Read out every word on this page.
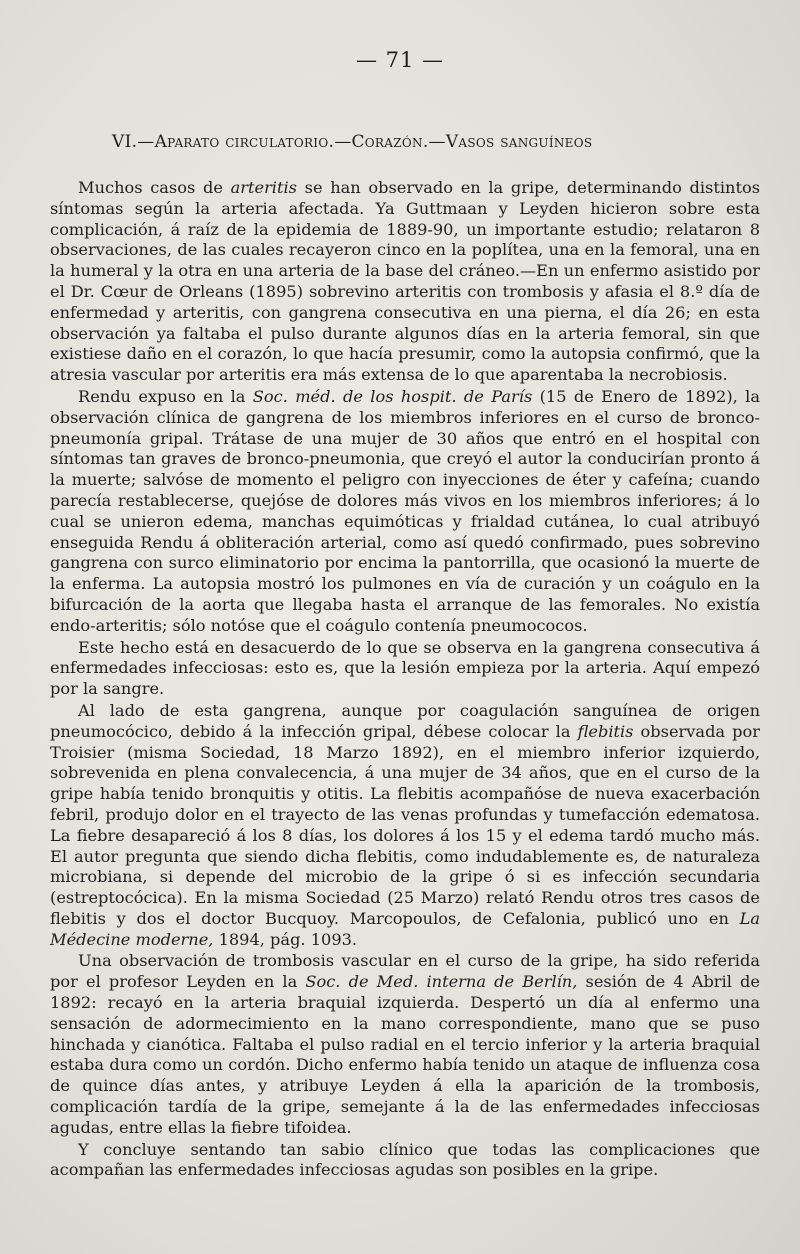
— 71 —
VI.—Aparato circulatorio.—Corazón.—Vasos sanguíneos

Muchos casos de arteritis se han observado en la gripe, determinando distintos síntomas según la arteria afectada. Ya Guttmaan y Leyden hicieron sobre esta complicación, á raíz de la epidemia de 1889-90, un importante estudio; relataron 8 observaciones, de las cuales recayeron cinco en la poplítea, una en la femoral, una en la humeral y la otra en una arteria de la base del cráneo.—En un enfermo asistido por el Dr. Cœur de Orleans (1895) sobrevino arteritis con trombosis y afasia el 8.º día de enfermedad y arteritis, con gangrena consecutiva en una pierna, el día 26; en esta observación ya faltaba el pulso durante algunos días en la arteria femoral, sin que existiese daño en el corazón, lo que hacía presumir, como la autopsia confirmó, que la atresia vascular por arteritis era más extensa de lo que aparentaba la necrobiosis.

Rendu expuso en la Soc. méd. de los hospit. de París (15 de Enero de 1892), la observación clínica de gangrena de los miembros inferiores en el curso de bronco-pneumonía gripal. Trátase de una mujer de 30 años que entró en el hospital con síntomas tan graves de bronco-pneumonia, que creyó el autor la conducirían pronto á la muerte; salvóse de momento el peligro con inyecciones de éter y cafeína; cuando parecía restablecerse, quejóse de dolores más vivos en los miembros inferiores; á lo cual se unieron edema, manchas equimóticas y frialdad cutánea, lo cual atribuyó enseguida Rendu á obliteración arterial, como así quedó confirmado, pues sobrevino gangrena con surco eliminatorio por encima la pantorrilla, que ocasionó la muerte de la enferma. La autopsia mostró los pulmones en vía de curación y un coágulo en la bifurcación de la aorta que llegaba hasta el arranque de las femorales. No existía endo-arteritis; sólo notóse que el coágulo contenía pneumococos.

Este hecho está en desacuerdo de lo que se observa en la gangrena consecutiva á enfermedades infecciosas: esto es, que la lesión empieza por la arteria. Aquí empezó por la sangre.

Al lado de esta gangrena, aunque por coagulación sanguínea de origen pneumocócico, debido á la infección gripal, débese colocar la flebitis observada por Troisier (misma Sociedad, 18 Marzo 1892), en el miembro inferior izquierdo, sobrevenida en plena convalecencia, á una mujer de 34 años, que en el curso de la gripe había tenido bronquitis y otitis. La flebitis acompañóse de nueva exacerbación febril, produjo dolor en el trayecto de las venas profundas y tumefacción edematosa. La fiebre desapareció á los 8 días, los dolores á los 15 y el edema tardó mucho más. El autor pregunta que siendo dicha flebitis, como indudablemente es, de naturaleza microbiana, si depende del microbio de la gripe ó si es infección secundaria (estreptocócica). En la misma Sociedad (25 Marzo) relató Rendu otros tres casos de flebitis y dos el doctor Bucquoy. Marcopoulos, de Cefalonia, publicó uno en La Médecine moderne, 1894, pág. 1093.

Una observación de trombosis vascular en el curso de la gripe, ha sido referida por el profesor Leyden en la Soc. de Med. interna de Berlín, sesión de 4 Abril de 1892: recayó en la arteria braquial izquierda. Despertó un día al enfermo una sensación de adormecimiento en la mano correspondiente, mano que se puso hinchada y cianótica. Faltaba el pulso radial en el tercio inferior y la arteria braquial estaba dura como un cordón. Dicho enfermo había tenido un ataque de influenza cosa de quince días antes, y atribuye Leyden á ella la aparición de la trombosis, complicación tardía de la gripe, semejante á la de las enfermedades infecciosas agudas, entre ellas la fiebre tifoidea.

Y concluye sentando tan sabio clínico que todas las complicaciones que acompañan las enfermedades infecciosas agudas son posibles en la gripe.
